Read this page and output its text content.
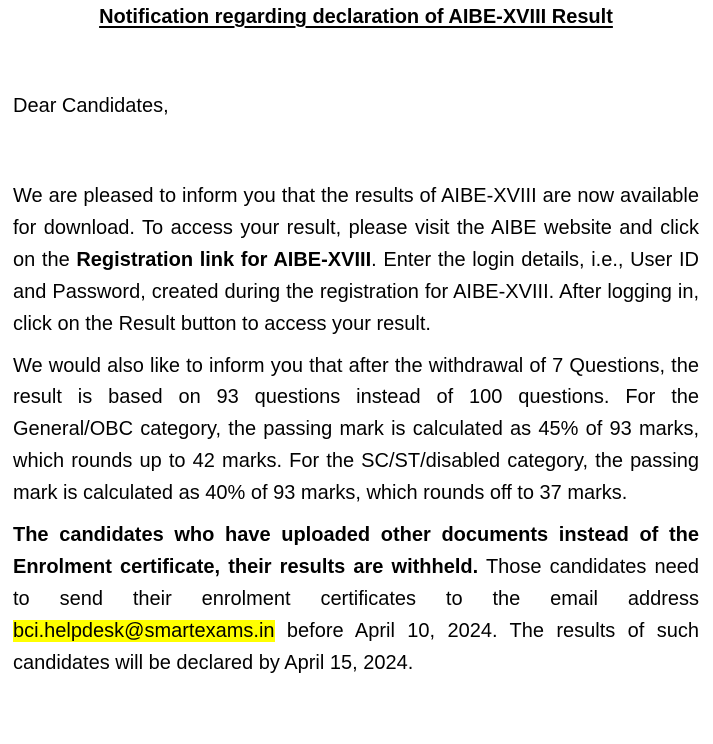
Notification regarding declaration of AIBE-XVIII Result

Dear Candidates,

We are pleased to inform you that the results of AIBE-XVIII are now available for download. To access your result, please visit the AIBE website and click on the Registration link for AIBE-XVIII. Enter the login details, i.e., User ID and Password, created during the registration for AIBE-XVIII. After logging in, click on the Result button to access your result.

We would also like to inform you that after the withdrawal of 7 Questions, the result is based on 93 questions instead of 100 questions. For the General/OBC category, the passing mark is calculated as 45% of 93 marks, which rounds up to 42 marks. For the SC/ST/disabled category, the passing mark is calculated as 40% of 93 marks, which rounds off to 37 marks.

The candidates who have uploaded other documents instead of the Enrolment certificate, their results are withheld. Those candidates need to send their enrolment certificates to the email address bci.helpdesk@smartexams.in before April 10, 2024. The results of such candidates will be declared by April 15, 2024.
